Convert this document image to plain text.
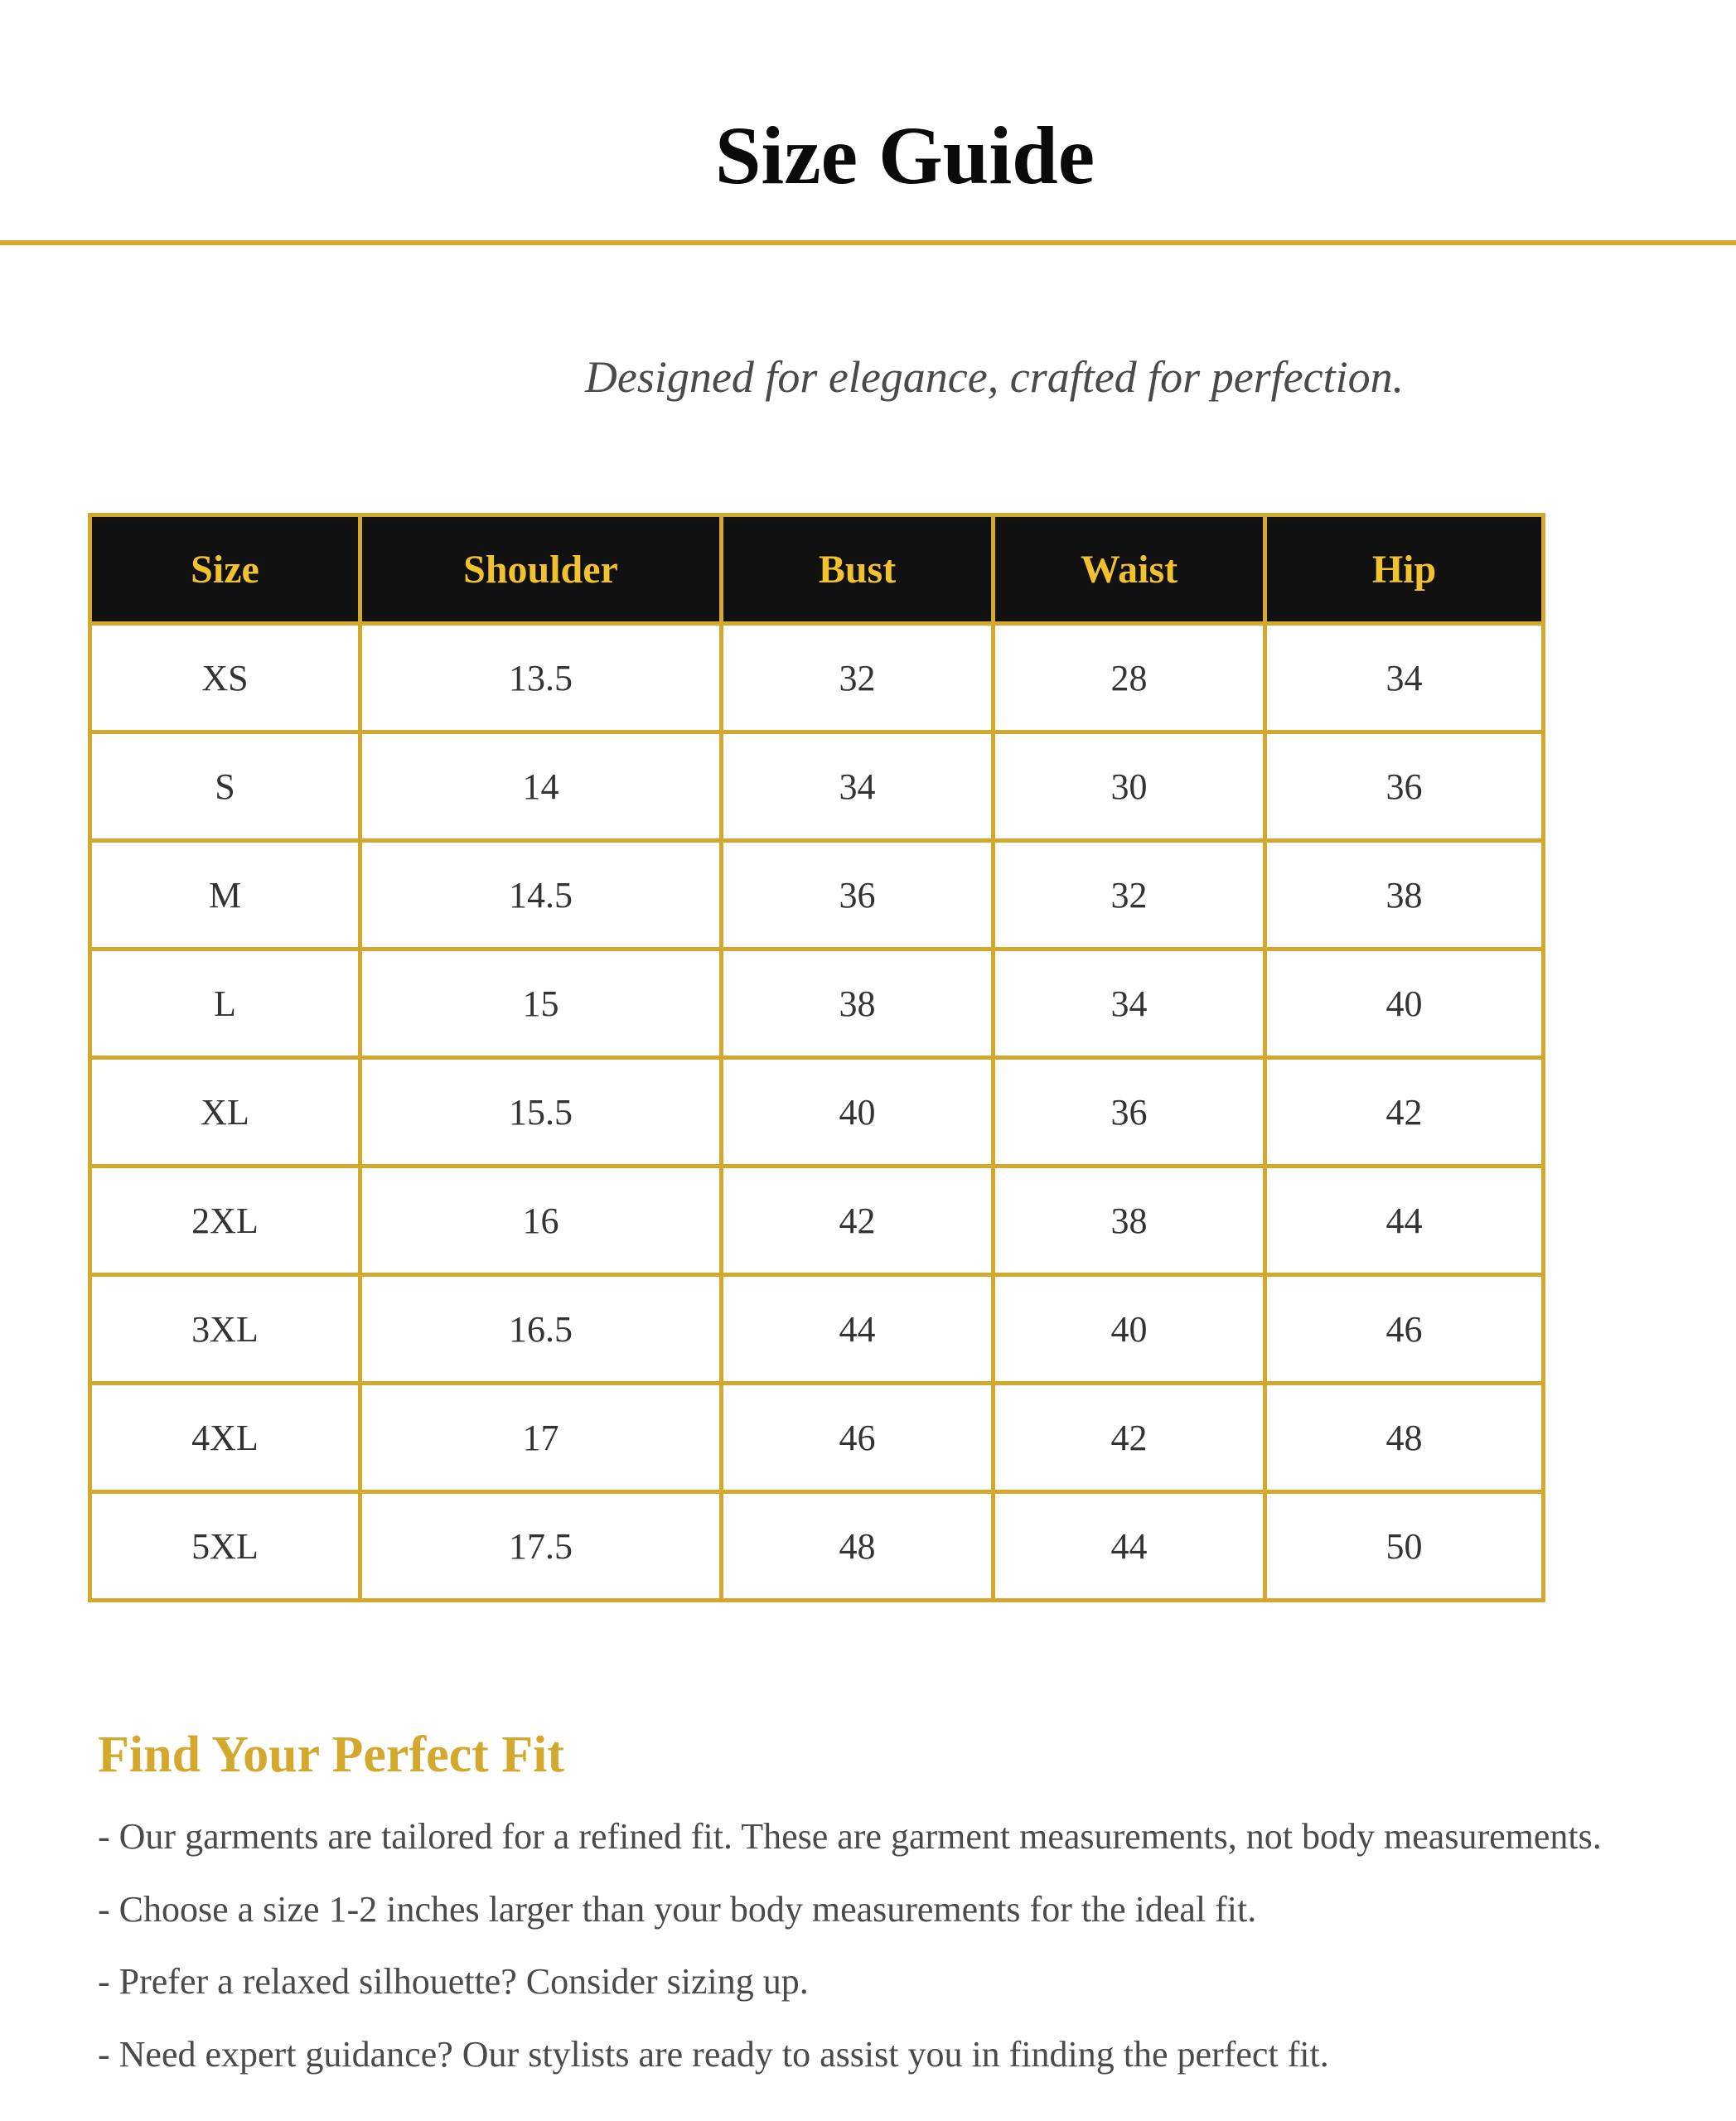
Size Guide

Designed for elegance, crafted for perfection.

Size	Shoulder	Bust	Waist	Hip
XS	13.5	32	28	34
S	14	34	30	36
M	14.5	36	32	38
L	15	38	34	40
XL	15.5	40	36	42
2XL	16	42	38	44
3XL	16.5	44	40	46
4XL	17	46	42	48
5XL	17.5	48	44	50
Find Your Perfect Fit
- Our garments are tailored for a refined fit. These are garment measurements, not body measurements.
- Choose a size 1-2 inches larger than your body measurements for the ideal fit.
- Prefer a relaxed silhouette? Consider sizing up.
- Need expert guidance? Our stylists are ready to assist you in finding the perfect fit.
